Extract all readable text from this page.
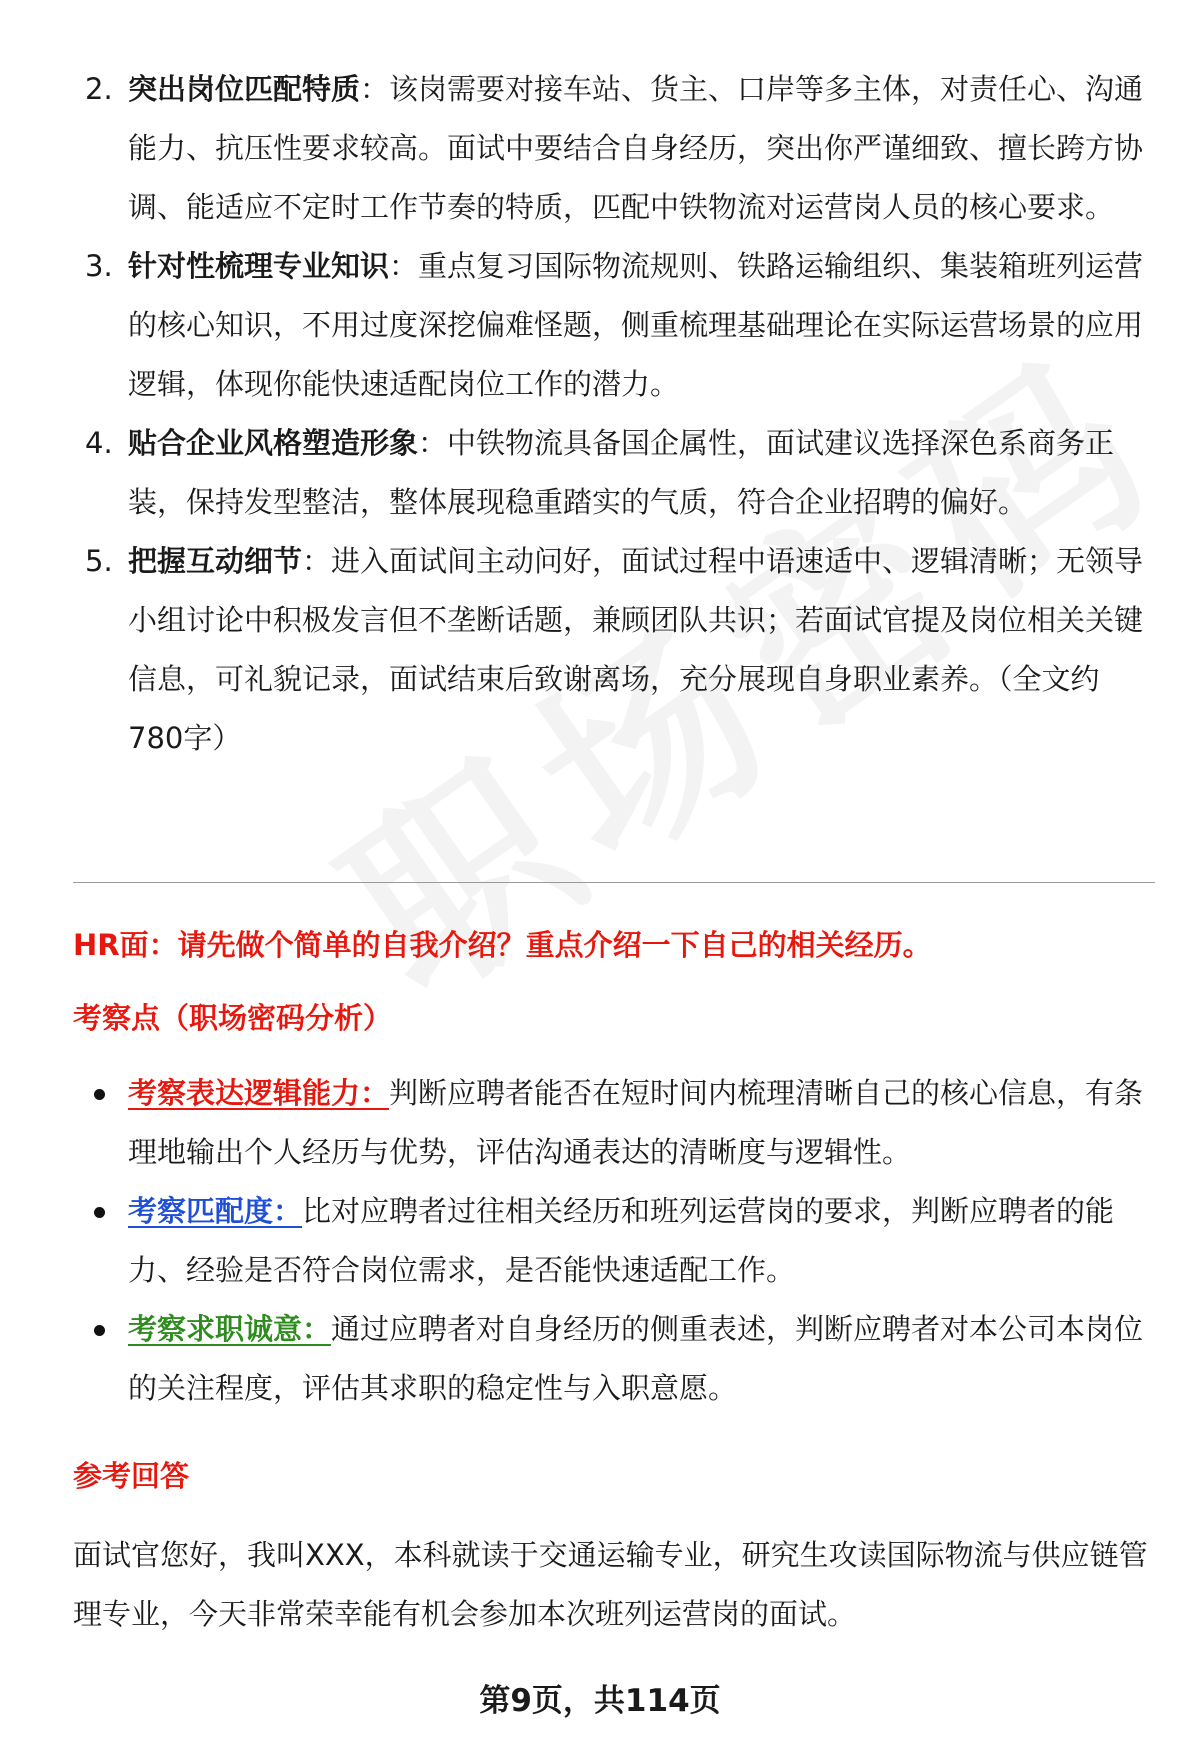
2. 突出岗位匹配特质：该岗需要对接车站、货主、口岸等多主体，对责任心、沟通能力、抗压性要求较高。面试中要结合自身经历，突出你严谨细致、擅长跨方协调、能适应不定时工作节奏的特质，匹配中铁物流对运营岗人员的核心要求。
3. 针对性梳理专业知识：重点复习国际物流规则、铁路运输组织、集装箱班列运营的核心知识，不用过度深挖偏难怪题，侧重梳理基础理论在实际运营场景的应用逻辑，体现你能快速适配岗位工作的潜力。
4. 贴合企业风格塑造形象：中铁物流具备国企属性，面试建议选择深色系商务正装，保持发型整洁，整体展现稳重踏实的气质，符合企业招聘的偏好。
5. 把握互动细节：进入面试间主动问好，面试过程中语速适中、逻辑清晰；无领导小组讨论中积极发言但不垄断话题，兼顾团队共识；若面试官提及岗位相关关键信息，可礼貌记录，面试结束后致谢离场，充分展现自身职业素养。（全文约780字）
HR面：请先做个简单的自我介绍？重点介绍一下自己的相关经历。
考察点（职场密码分析）
考察表达逻辑能力：判断应聘者能否在短时间内梳理清晰自己的核心信息，有条理地输出个人经历与优势，评估沟通表达的清晰度与逻辑性。
考察匹配度：比对应聘者过往相关经历和班列运营岗的要求，判断应聘者的能力、经验是否符合岗位需求，是否能快速适配工作。
考察求职诚意：通过应聘者对自身经历的侧重表述，判断应聘者对本公司本岗位的关注程度，评估其求职的稳定性与入职意愿。
参考回答
面试官您好，我叫XXX，本科就读于交通运输专业，研究生攻读国际物流与供应链管理专业，今天非常荣幸能有机会参加本次班列运营岗的面试。
第9页，共114页
